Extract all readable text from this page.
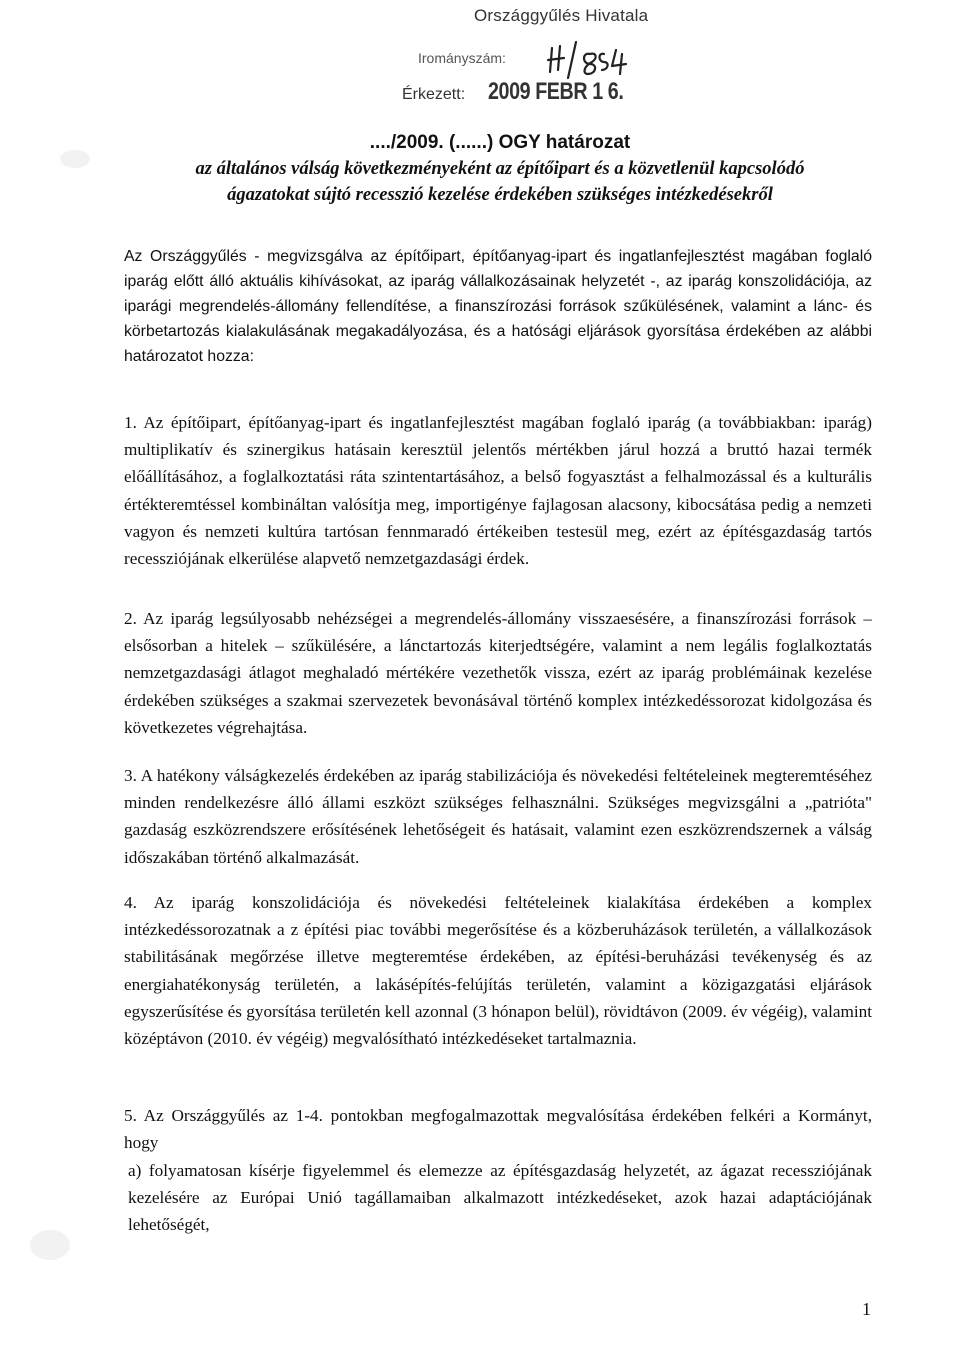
Országgyűlés Hivatala
Irományszám:
Érkezett: 2009 FEBR 1 6.
..../2009. (......) OGY határozat
az általános válság következményeként az építőipart és a közvetlenül kapcsolódó
ágazatokat sújtó recesszió kezelése érdekében szükséges intézkedésekről
Az Országgyűlés - megvizsgálva az építőipart, építőanyag-ipart és ingatlanfejlesztést magában foglaló iparág előtt álló aktuális kihívásokat, az iparág vállalkozásainak helyzetét -, az iparág konszolidációja, az iparági megrendelés-állomány fellendítése, a finanszírozási források szűkülésének, valamint a lánc- és körbetartozás kialakulásának megakadályozása, és a hatósági eljárások gyorsítása érdekében az alábbi határozatot hozza:
1. Az építőipart, építőanyag-ipart és ingatlanfejlesztést magában foglaló iparág (a továbbiakban: iparág) multiplikatív és szinergikus hatásain keresztül jelentős mértékben járul hozzá a bruttó hazai termék előállításához, a foglalkoztatási ráta szintentartásához, a belső fogyasztást a felhalmozással és a kulturális értékteremtéssel kombináltan valósítja meg, importigénye fajlagosan alacsony, kibocsátása pedig a nemzeti vagyon és nemzeti kultúra tartósan fennmaradó értékeiben testesül meg, ezért az építésgazdaság tartós recessziójának elkerülése alapvető nemzetgazdasági érdek.
2. Az iparág legsúlyosabb nehézségei a megrendelés-állomány visszaesésére, a finanszírozási források – elsősorban a hitelek – szűkülésére, a lánctartozás kiterjedtségére, valamint a nem legális foglalkoztatás nemzetgazdasági átlagot meghaladó mértékére vezethetők vissza, ezért az iparág problémáinak kezelése érdekében szükséges a szakmai szervezetek bevonásával történő komplex intézkedéssorozat kidolgozása és következetes végrehajtása.
3. A hatékony válságkezelés érdekében az iparág stabilizációja és növekedési feltételeinek megteremtéséhez minden rendelkezésre álló állami eszközt szükséges felhasználni. Szükséges megvizsgálni a „patrióta" gazdaság eszközrendszere erősítésének lehetőségeit és hatásait, valamint ezen eszközrendszernek a válság időszakában történő alkalmazását.
4. Az iparág konszolidációja és növekedési feltételeinek kialakítása érdekében a komplex intézkedéssorozatnak a z építési piac további megerősítése és a közberuházások területén, a vállalkozások stabilitásának megőrzése illetve megteremtése érdekében, az építési-beruházási tevékenység és az energiahatékonyság területén, a lakásépítés-felújítás területén, valamint a közigazgatási eljárások egyszerűsítése és gyorsítása területén kell azonnal (3 hónapon belül), rövidtávon (2009. év végéig), valamint középtávon (2010. év végéig) megvalósítható intézkedéseket tartalmaznia.
5. Az Országgyűlés az 1-4. pontokban megfogalmazottak megvalósítása érdekében felkéri a Kormányt, hogy
a) folyamatosan kísérje figyelemmel és elemezze az építésgazdaság helyzetét, az ágazat recessziójának kezelésére az Európai Unió tagállamaiban alkalmazott intézkedéseket, azok hazai adaptációjának lehetőségét,
1
